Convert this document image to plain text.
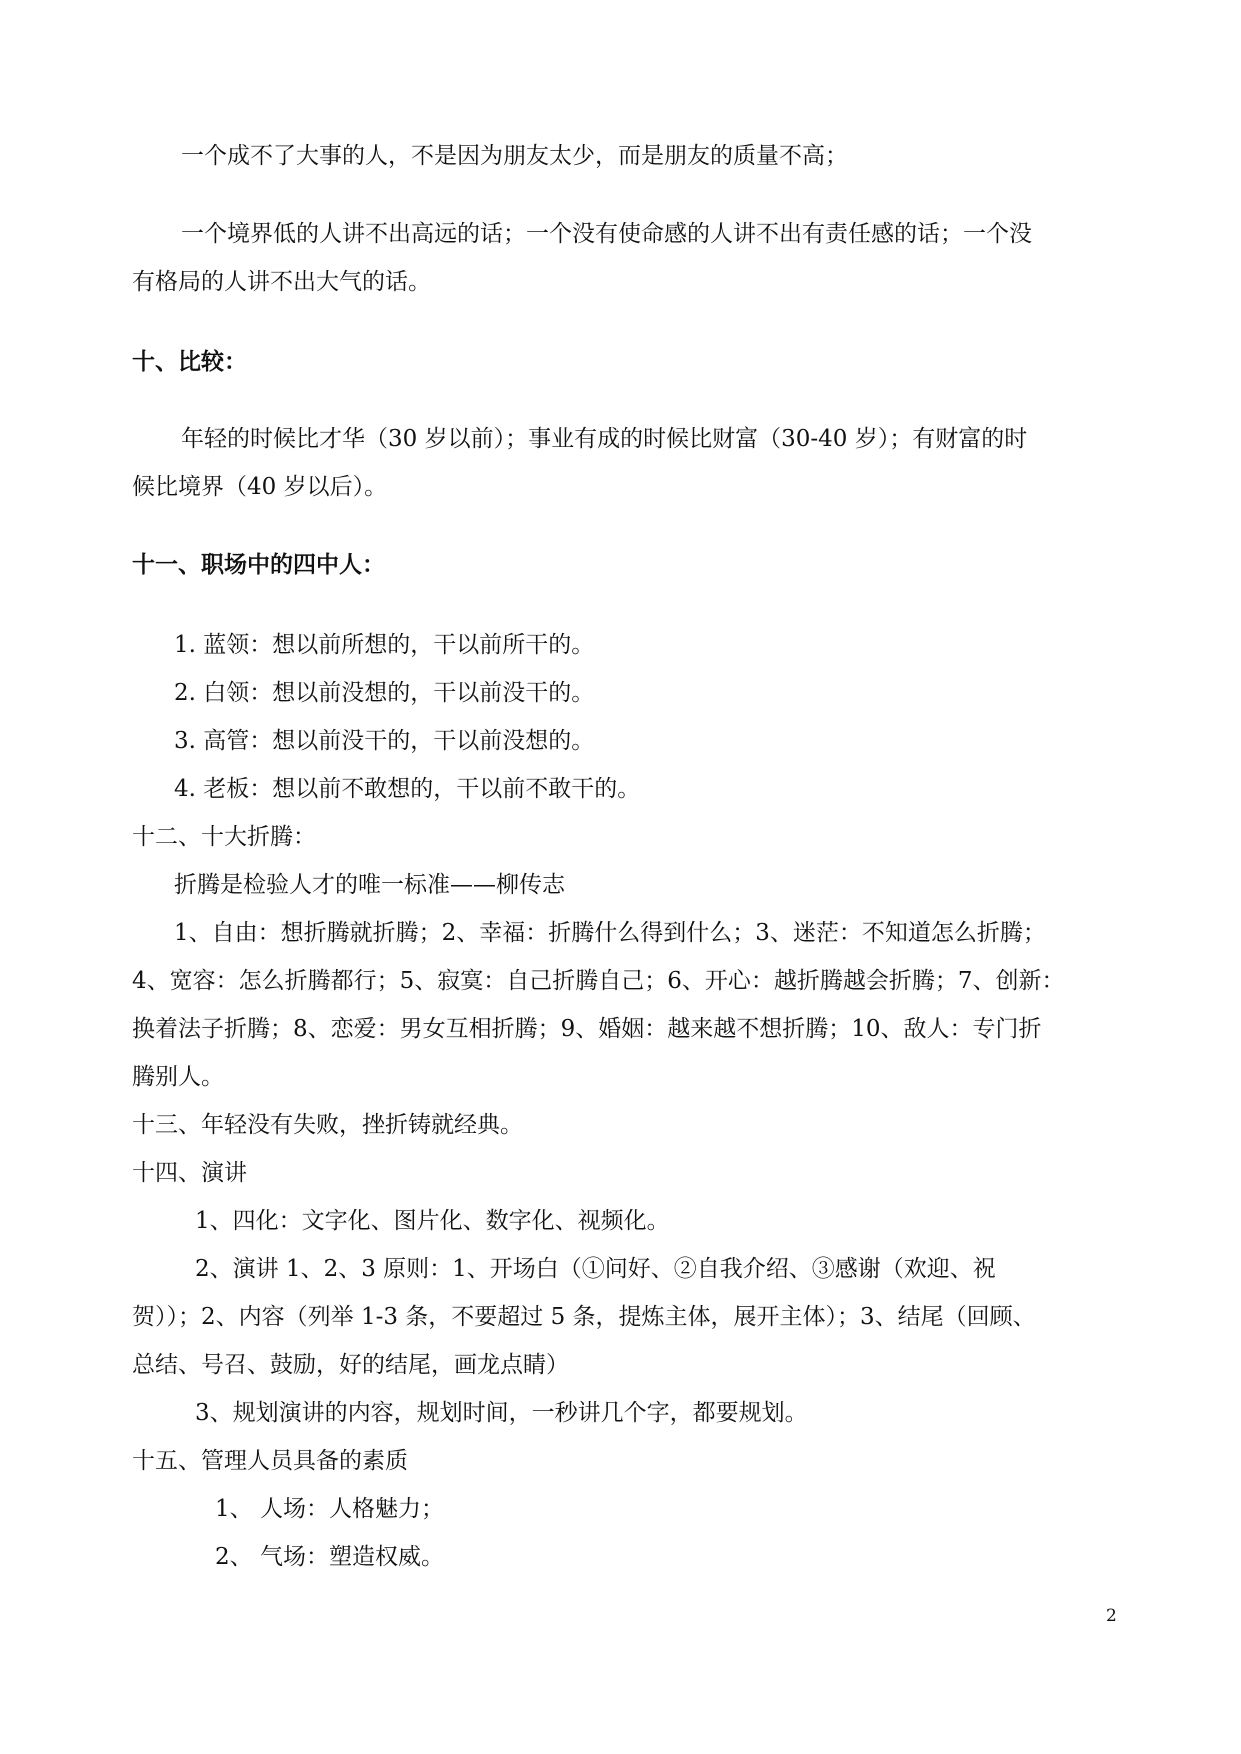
一个成不了大事的人，不是因为朋友太少，而是朋友的质量不高；
一个境界低的人讲不出高远的话；一个没有使命感的人讲不出有责任感的话；一个没
有格局的人讲不出大气的话。
十、比较：
年轻的时候比才华（30 岁以前）；事业有成的时候比财富（30-40 岁）；有财富的时
候比境界（40 岁以后）。
十一、职场中的四中人：
1. 蓝领：想以前所想的，干以前所干的。
2. 白领：想以前没想的，干以前没干的。
3. 高管：想以前没干的，干以前没想的。
4. 老板：想以前不敢想的，干以前不敢干的。
十二、十大折腾：
折腾是检验人才的唯一标准——柳传志
1、自由：想折腾就折腾；2、幸福：折腾什么得到什么；3、迷茫：不知道怎么折腾；
4、宽容：怎么折腾都行；5、寂寞：自己折腾自己；6、开心：越折腾越会折腾；7、创新：
换着法子折腾；8、恋爱：男女互相折腾；9、婚姻：越来越不想折腾；10、敌人：专门折
腾别人。
十三、年轻没有失败，挫折铸就经典。
十四、演讲
1、四化：文字化、图片化、数字化、视频化。
2、演讲 1、2、3 原则：1、开场白（①问好、②自我介绍、③感谢（欢迎、祝
贺））；2、内容（列举 1-3 条，不要超过 5 条，提炼主体，展开主体）；3、结尾（回顾、
总结、号召、鼓励，好的结尾，画龙点睛）
3、规划演讲的内容，规划时间，一秒讲几个字，都要规划。
十五、管理人员具备的素质
1、 人场：人格魅力；
2、 气场：塑造权威。
2
